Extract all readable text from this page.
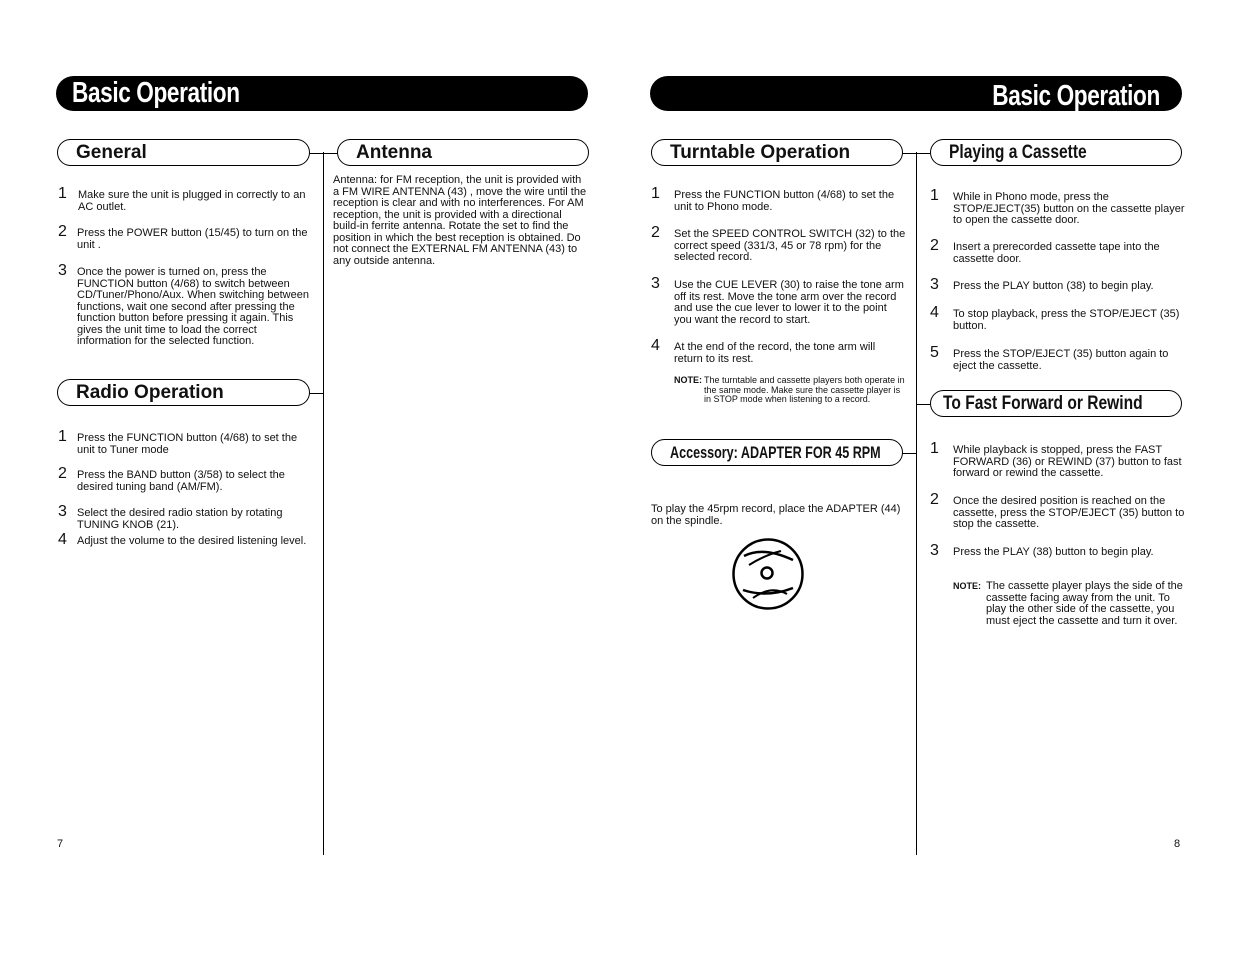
Basic Operation
General
1 Make sure the unit is plugged in correctly to an AC outlet.
2 Press the POWER button (15/45) to turn on the unit .
3 Once the power is turned on, press the FUNCTION button (4/68) to switch between CD/Tuner/Phono/Aux. When switching between functions, wait one second after pressing the function button before pressing it again. This gives the unit time to load the correct information for the selected function.
Radio Operation
1 Press the FUNCTION button (4/68) to set the unit to Tuner mode
2 Press the BAND button (3/58) to select the desired tuning band (AM/FM).
3 Select the desired radio station by rotating TUNING KNOB (21).
4 Adjust the volume to the desired listening level.
Antenna
Antenna: for FM reception, the unit is provided with a FM WIRE ANTENNA (43) , move the wire until the reception is clear and with no interferences. For AM reception, the unit is provided with a directional build-in ferrite antenna. Rotate the set to find the position in which the best reception is obtained. Do not connect the EXTERNAL FM ANTENNA (43) to any outside antenna.
7
Basic Operation
Turntable Operation
1 Press the FUNCTION button (4/68) to set the unit to Phono mode.
2 Set the SPEED CONTROL SWITCH (32) to the correct speed (331/3, 45 or 78 rpm) for the selected record.
3 Use the CUE LEVER (30) to raise the tone arm off its rest. Move the tone arm over the record and use the cue lever to lower it to the point you want the record to start.
4 At the end of the record, the tone arm will return to its rest.
NOTE: The turntable and cassette players both operate in the same mode. Make sure the cassette player is in STOP mode when listening to a record.
Accessory: ADAPTER FOR 45 RPM
To play the 45rpm record, place the ADAPTER (44) on the spindle.
Playing a Cassette
1 While in Phono mode, press the STOP/EJECT(35) button on the cassette player to open the cassette door.
2 Insert a prerecorded cassette tape into the cassette door.
3 Press the PLAY button (38) to begin play.
4 To stop playback, press the STOP/EJECT (35) button.
5 Press the STOP/EJECT (35) button again to eject the cassette.
To Fast Forward or Rewind
1 While playback is stopped, press the FAST FORWARD (36) or REWIND (37) button to fast forward or rewind the cassette.
2 Once the desired position is reached on the cassette, press the STOP/EJECT (35) button to stop the cassette.
3 Press the PLAY (38) button to begin play.
NOTE: The cassette player plays the side of the cassette facing away from the unit. To play the other side of the cassette, you must eject the cassette and turn it over.
8
